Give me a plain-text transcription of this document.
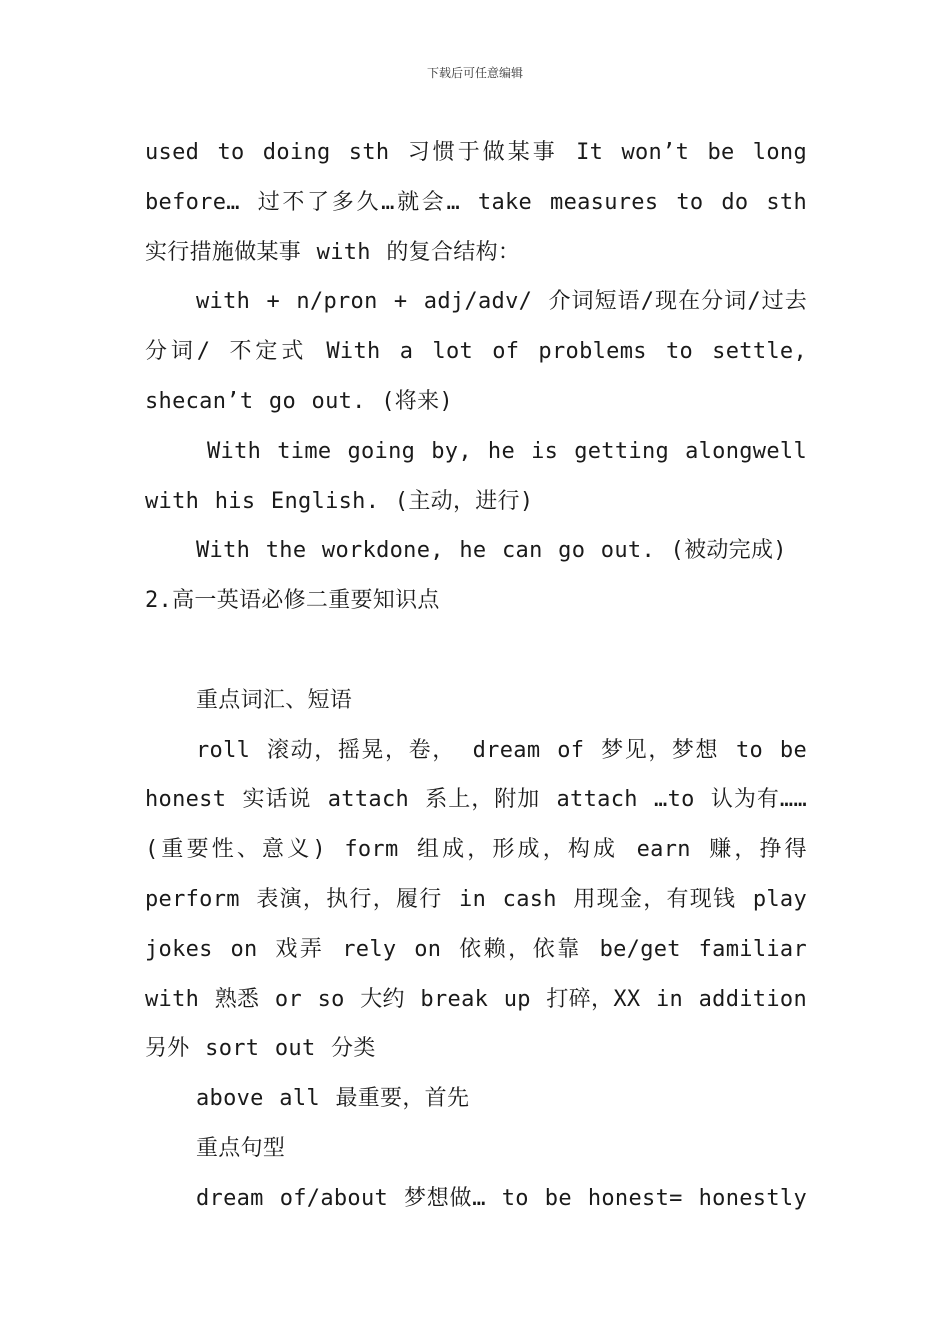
下载后可任意编辑

used to doing sth 习惯于做某事 It won’t be long before… 过不了多久…就会… take measures to do sth 实行措施做某事 with 的复合结构：

with + n/pron + adj/adv/ 介词短语/现在分词/过去分词/ 不定式 With a lot of problems to settle, shecan’t go out. (将来)

With time going by, he is getting alongwell with his English. (主动，进行)

With the workdone, he can go out. (被动完成)

2.高一英语必修二重要知识点

重点词汇、短语

roll 滚动，摇晃，卷， dream of 梦见，梦想 to be honest 实话说 attach 系上，附加 attach …to 认为有……(重要性、意义) form 组成，形成，构成 earn 赚，挣得 perform 表演，执行，履行 in cash 用现金，有现钱 play jokes on 戏弄 rely on 依赖，依靠 be/get familiar with 熟悉 or so 大约 break up 打碎，XX in addition 另外 sort out 分类

above all 最重要，首先

重点句型

dream of/about 梦想做… to be honest= honestly
